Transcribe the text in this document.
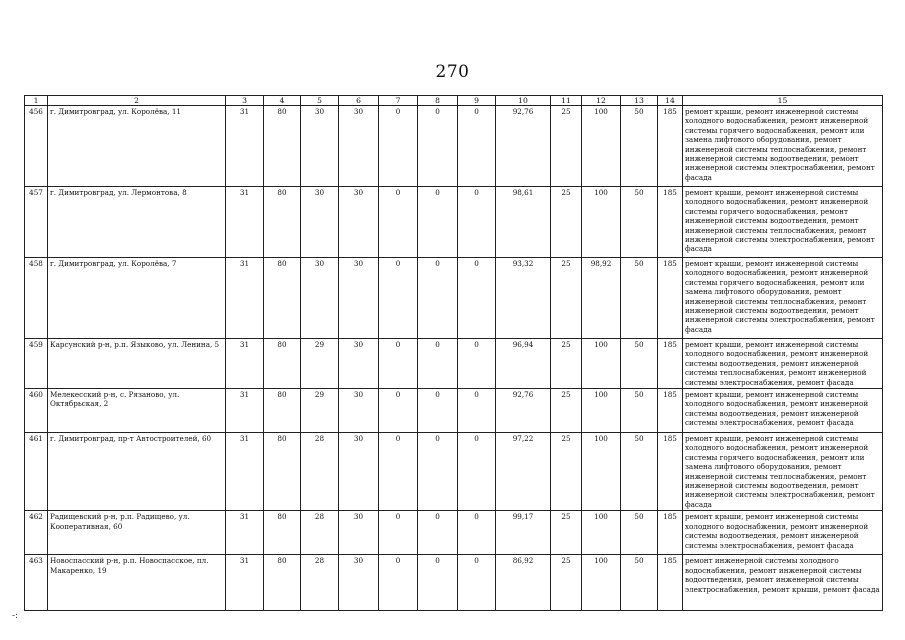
270
1	2	3	4	5	6	7	8	9	10	11	12	13	14	15
456	г. Димитровград, ул. Королёва, 11	31	80	30	30	0	0	0	92,76	25	100	50	185	ремонт крыши, ремонт инженерной системы холодного водоснабжения, ремонт инженерной системы горячего водоснабжения, ремонт или замена лифтового оборудования, ремонт инженерной системы теплоснабжения, ремонт инженерной системы водоотведения, ремонт инженерной системы электроснабжения, ремонт фасада
457	г. Димитровград, ул. Лермонтова, 8	31	80	30	30	0	0	0	98,61	25	100	50	185	ремонт крыши, ремонт инженерной системы холодного водоснабжения, ремонт инженерной системы горячего водоснабжения, ремонт инженерной системы водоотведения, ремонт инженерной системы теплоснабжения, ремонт инженерной системы электроснабжения, ремонт фасада
458	г. Димитровград, ул. Королёва, 7	31	80	30	30	0	0	0	93,32	25	98,92	50	185	ремонт крыши, ремонт инженерной системы холодного водоснабжения, ремонт инженерной системы горячего водоснабжения, ремонт или замена лифтового оборудования, ремонт инженерной системы теплоснабжения, ремонт инженерной системы водоотведения, ремонт инженерной системы электроснабжения, ремонт фасада
459	Карсунский р-н, р.п. Языково, ул. Ленина, 5	31	80	29	30	0	0	0	96,94	25	100	50	185	ремонт крыши, ремонт инженерной системы холодного водоснабжения, ремонт инженерной системы водоотведения, ремонт инженерной системы теплоснабжения, ремонт инженерной системы электроснабжения, ремонт фасада
460	Мелекесский р-н, с. Рязаново, ул. Октябрьская, 2	31	80	29	30	0	0	0	92,76	25	100	50	185	ремонт крыши, ремонт инженерной системы холодного водоснабжения, ремонт инженерной системы водоотведения, ремонт инженерной системы электроснабжения, ремонт фасада
461	г. Димитровград, пр-т Автостроителей, 60	31	80	28	30	0	0	0	97,22	25	100	50	185	ремонт крыши, ремонт инженерной системы холодного водоснабжения, ремонт инженерной системы горячего водоснабжения, ремонт или замена лифтового оборудования, ремонт инженерной системы теплоснабжения, ремонт инженерной системы водоотведения, ремонт инженерной системы электроснабжения, ремонт фасада
462	Радищевский р-н, р.п. Радищево, ул. Кооперативная, 60	31	80	28	30	0	0	0	99,17	25	100	50	185	ремонт крыши, ремонт инженерной системы холодного водоснабжения, ремонт инженерной системы водоотведения, ремонт инженерной системы электроснабжения, ремонт фасада
463	Новоспасский р-н, р.п. Новоспасское, пл. Макаренко, 19	31	80	28	30	0	0	0	86,92	25	100	50	185	ремонт инженерной системы холодного водоснабжения, ремонт инженерной системы водоотведения, ремонт инженерной системы электроснабжения, ремонт крыши, ремонт фасада
-:
